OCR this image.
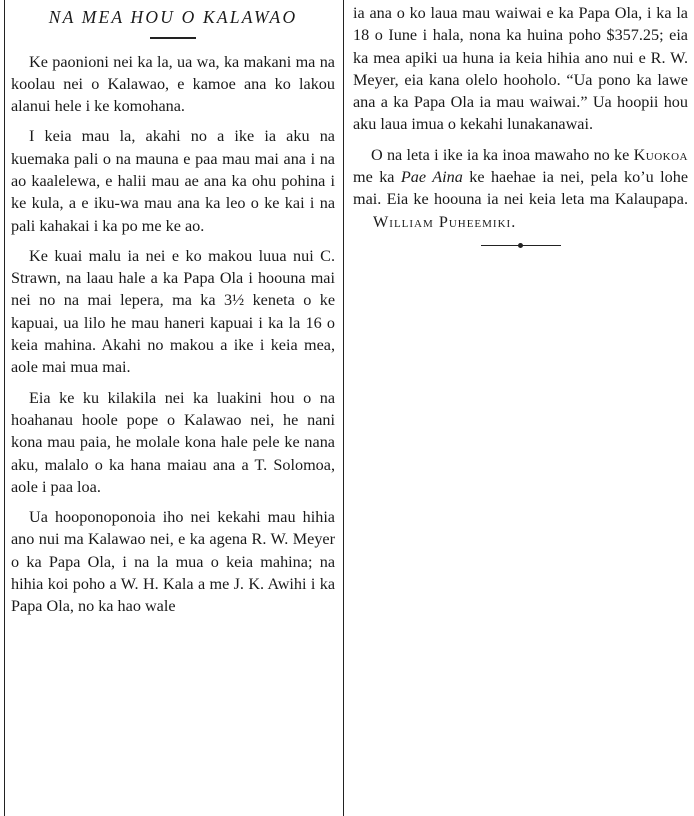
NA MEA HOU O KALAWAO

Ke paonioni nei ka la, ua wa, ka makani ma na koolau nei o Kalawao, e kamoe ana ko lakou alanui hele i ke komohana.

I keia mau la, akahi no a ike ia aku na kuemaka pali o na mauna e paa mau mai ana i na ao kaalelewa, e halii mau ae ana ka ohu pohina i ke kula, a e iku-wa mau ana ka leo o ke kai i na pali kahakai i ka po me ke ao.

Ke kuai malu ia nei e ko makou luua nui C. Strawn, na laau hale a ka Papa Ola i hoouna mai nei no na mai lepera, ma ka 3½ keneta o ke kapuai, ua lilo he mau haneri kapuai i ka la 16 o keia mahina. Akahi no makou a ike i keia mea, aole mai mua mai.

Eia ke ku kilakila nei ka luakini hou o na hoahanau hoole pope o Kalawao nei, he nani kona mau paia, he molale kona hale pele ke nana aku, malalo o ka hana maiau ana a T. Solomoa, aole i paa loa.

Ua hooponoponoia iho nei kekahi mau hihia ano nui ma Kalawao nei, e ka agena R. W. Meyer o ka Papa Ola, i na la mua o keia mahina; na hihia koi poho a W. H. Kala a me J. K. Awihi i ka Papa Ola, no ka hao wale

ia ana o ko laua mau waiwai e ka Papa Ola, i ka la 18 o Iune i hala, nona ka huina poho $357.25; eia ka mea apiki ua huna ia keia hihia ano nui e R. W. Meyer, eia kana olelo hooholo. “Ua pono ka lawe ana a ka Papa Ola ia mau waiwai.” Ua hoopii hou aku laua imua o kekahi lunakanawai.

O na leta i ike ia ka inoa mawaho no ke Kuokoa me ka Pae Aina ke haehae ia nei, pela ko’u lohe mai. Eia ke hoouna ia nei keia leta ma Kalaupapa. William Puheemiki.
